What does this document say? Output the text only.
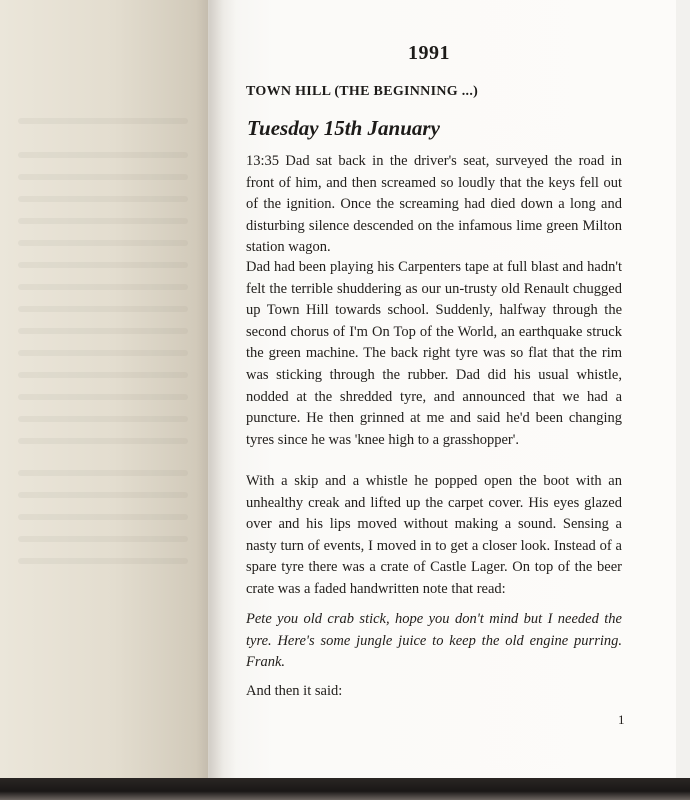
1991
TOWN HILL (THE BEGINNING ...)
Tuesday 15th January
13:35 Dad sat back in the driver's seat, surveyed the road in front of him, and then screamed so loudly that the keys fell out of the ignition. Once the screaming had died down a long and disturbing silence descended on the infamous lime green Milton station wagon.
Dad had been playing his Carpenters tape at full blast and hadn't felt the terrible shuddering as our un-trusty old Renault chugged up Town Hill towards school. Suddenly, halfway through the second chorus of I'm On Top of the World, an earthquake struck the green machine. The back right tyre was so flat that the rim was sticking through the rubber. Dad did his usual whistle, nodded at the shredded tyre, and announced that we had a puncture. He then grinned at me and said he'd been changing tyres since he was 'knee high to a grasshopper'.
With a skip and a whistle he popped open the boot with an unhealthy creak and lifted up the carpet cover. His eyes glazed over and his lips moved without making a sound. Sensing a nasty turn of events, I moved in to get a closer look. Instead of a spare tyre there was a crate of Castle Lager. On top of the beer crate was a faded handwritten note that read:
Pete you old crab stick, hope you don't mind but I needed the tyre. Here's some jungle juice to keep the old engine purring. Frank.
And then it said:
1
